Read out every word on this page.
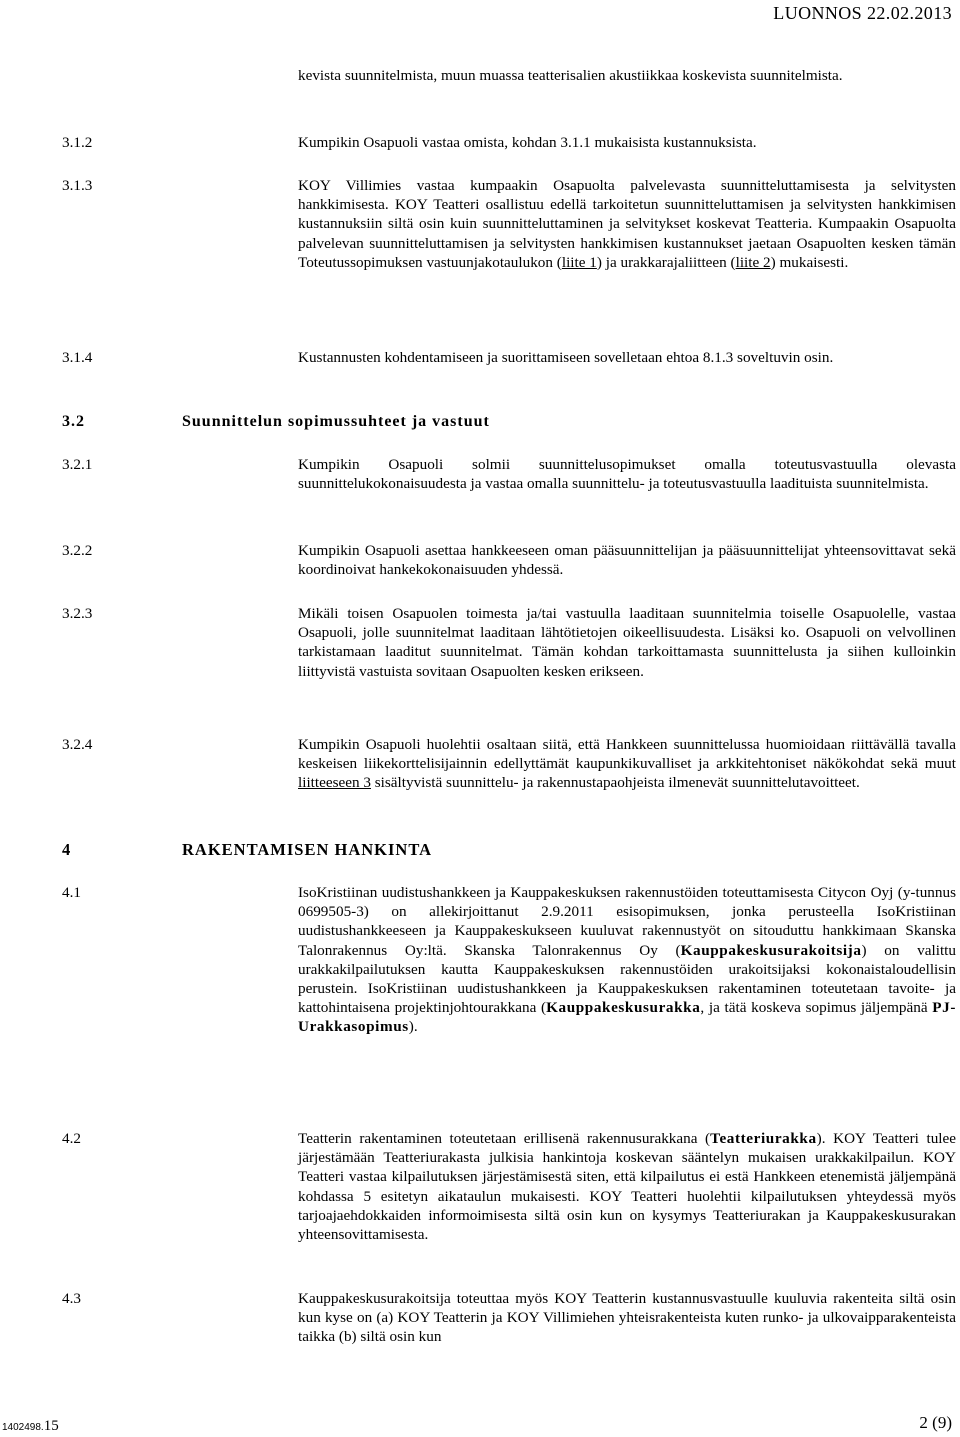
LUONNOS 22.02.2013
kevista suunnitelmista, muun muassa teatterisalien akustiikkaa koskevista suunnitelmista.
3.1.2	Kumpikin Osapuoli vastaa omista, kohdan 3.1.1 mukaisista kustannuksista.
3.1.3	KOY Villimies vastaa kumpaakin Osapuolta palvelevasta suunnitteluttamisesta ja selvitysten hankkimisesta. KOY Teatteri osallistuu edellä tarkoitetun suunnitteluttamisen ja selvitysten hankkimisen kustannuksiin siltä osin kuin suunnitteluttaminen ja selvitykset koskevat Teatteria. Kumpaakin Osapuolta palvelevan suunnitteluttamisen ja selvitysten hankkimisen kustannukset jaetaan Osapuolten kesken tämän Toteutussopimuksen vastuunjakotaulukon (liite 1) ja urakkarajaliitteen (liite 2) mukaisesti.
3.1.4	Kustannusten kohdentamiseen ja suorittamiseen sovelletaan ehtoa 8.1.3 soveltuvin osin.
3.2	Suunnittelun sopimussuhteet ja vastuut
3.2.1	Kumpikin Osapuoli solmii suunnittelusopimukset omalla toteutusvastuulla olevasta suunnittelukokonaisuudesta ja vastaa omalla suunnittelu- ja toteutusvastuulla laadituista suunnitelmista.
3.2.2	Kumpikin Osapuoli asettaa hankkeeseen oman pääsuunnittelijan ja pääsuunnittelijat yhteensovittavat sekä koordinoivat hankekokonaisuuden yhdessä.
3.2.3	Mikäli toisen Osapuolen toimesta ja/tai vastuulla laaditaan suunnitelmia toiselle Osapuolelle, vastaa Osapuoli, jolle suunnitelmat laaditaan lähtötietojen oikeellisuudesta. Lisäksi ko. Osapuoli on velvollinen tarkistamaan laaditut suunnitelmat. Tämän kohdan tarkoittamasta suunnittelusta ja siihen kulloinkin liittyvistä vastuista sovitaan Osapuolten kesken erikseen.
3.2.4	Kumpikin Osapuoli huolehtii osaltaan siitä, että Hankkeen suunnittelussa huomioidaan riittävällä tavalla keskeisen liikekorttelisijainnin edellyttämät kaupunkikuvalliset ja arkkitehtoniset näkökohdat sekä muut liitteeseen 3 sisältyvistä suunnittelu- ja rakennustapaohjeista ilmenevät suunnittelutavoitteet.
4	RAKENTAMISEN HANKINTA
4.1	IsoKristiinan uudistushankkeen ja Kauppakeskuksen rakennustöiden toteuttamisesta Citycon Oyj (y-tunnus 0699505-3) on allekirjoittanut 2.9.2011 esisopimuksen, jonka perusteella IsoKristiinan uudistushankkeeseen ja Kauppakeskukseen kuuluvat rakennustyöt on sitouduttu hankkimaan Skanska Talonrakennus Oy:ltä. Skanska Talonrakennus Oy (Kauppakeskusurakoitsija) on valittu urakkakilpailutuksen kautta Kauppakeskuksen rakennustöiden urakoitsijaksi kokonaistaloudellisin perustein. IsoKristiinan uudistushankkeen ja Kauppakeskuksen rakentaminen toteutetaan tavoite- ja kattohintaisena projektinjohtourakkana (Kauppakeskusurakka, ja tätä koskeva sopimus jäljempänä PJ-Urakkasopimus).
4.2	Teatterin rakentaminen toteutetaan erillisenä rakennusurakkana (Teatteriurakka). KOY Teatteri tulee järjestämään Teatteriurakasta julkisia hankintoja koskevan sääntelyn mukaisen urakkakilpailun. KOY Teatteri vastaa kilpailutuksen järjestämisestä siten, että kilpailutus ei estä Hankkeen etenemistä jäljempänä kohdassa 5 esitetyn aikataulun mukaisesti. KOY Teatteri huolehtii kilpailutuksen yhteydessä myös tarjoajaehdokkaiden informoimisesta siltä osin kun on kysymys Teatteriurakan ja Kauppakeskusurakan yhteensovittamisesta.
4.3	Kauppakeskusurakoitsija toteuttaa myös KOY Teatterin kustannusvastuulle kuuluvia rakenteita siltä osin kun kyse on (a) KOY Teatterin ja KOY Villimiehen yhteisrakenteista kuten runko- ja ulkovaipparakenteista taikka (b) siltä osin kun
1402498.15	2 (9)
